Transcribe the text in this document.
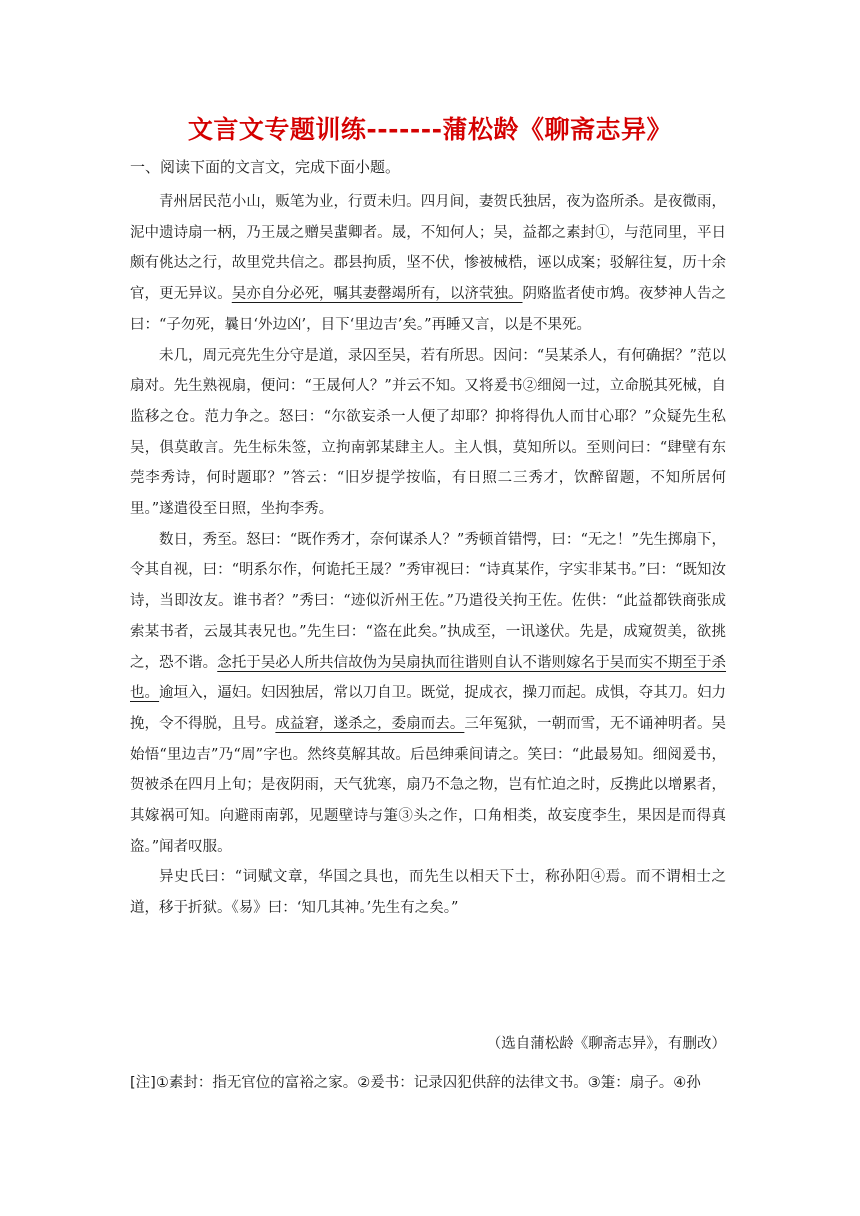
文言文专题训练-------蒲松龄《聊斋志异》
一、阅读下面的文言文，完成下面小题。

青州居民范小山，贩笔为业，行贾未归。四月间，妻贺氏独居，夜为盗所杀。是夜微雨，泥中遗诗扇一柄，乃王晟之赠吴蜚卿者。晟，不知何人；吴，益都之素封①，与范同里，平日颇有佻达之行，故里党共信之。郡县拘质，坚不伏，惨被械梏，诬以成案；驳解往复，历十余官，更无异议。吴亦自分必死，嘱其妻罄竭所有，以济茕独。阴赂监者使市鸩。夜梦神人告之曰：“子勿死，曩日‘外边凶’，目下‘里边吉’矣。”再睡又言，以是不果死。

未几，周元亮先生分守是道，录囚至吴，若有所思。因问：“吴某杀人，有何确据？”范以扇对。先生熟视扇，便问：“王晟何人？”并云不知。又将爰书②细阅一过，立命脱其死械，自监移之仓。范力争之。怒曰：“尔欲妄杀一人便了却耶？抑将得仇人而甘心耶？”众疑先生私吴，俱莫敢言。先生标朱签，立拘南郭某肆主人。主人惧，莫知所以。至则问曰：“肆壁有东莞李秀诗，何时题耶？”答云：“旧岁提学按临，有日照二三秀才，饮醉留题，不知所居何里。”遂遣役至日照，坐拘李秀。

数日，秀至。怒曰：“既作秀才，奈何谋杀人？”秀顿首错愕，曰：“无之！”先生掷扇下，令其自视，曰：“明系尔作，何诡托王晟？”秀审视曰：“诗真某作，字实非某书。”曰：“既知汝诗，当即汝友。谁书者？”秀曰：“迹似沂州王佐。”乃遣役关拘王佐。佐供：“此益都铁商张成索某书者，云晟其表兄也。”先生曰：“盗在此矣。”执成至，一讯遂伏。先是，成窥贺美，欲挑之，恐不谐。念托于吴必人所共信故伪为吴扇执而往谐则自认不谐则嫁名于吴而实不期至于杀也。逾垣入，逼妇。妇因独居，常以刀自卫。既觉，捉成衣，操刀而起。成惧，夺其刀。妇力挽，令不得脱，且号。成益窘，遂杀之，委扇而去。三年冤狱，一朝而雪，无不诵神明者。吴始悟“里边吉”乃“周”字也。然终莫解其故。后邑绅乘间请之。笑曰：“此最易知。细阅爰书，贺被杀在四月上旬；是夜阴雨，天气犹寒，扇乃不急之物，岂有忙迫之时，反携此以增累者，其嫁祸可知。向避雨南郭，见题壁诗与箑③头之作，口角相类，故妄度李生，果因是而得真盗。”闻者叹服。

异史氏曰：“词赋文章，华国之具也，而先生以相天下士，称孙阳④焉。而不谓相士之道，移于折狱。《易》曰：‘知几其神。’先生有之矣。”

（选自蒲松龄《聊斋志异》，有删改）
[注]①素封：指无官位的富裕之家。②爰书：记录囚犯供辞的法律文书。③箑：扇子。④孙
